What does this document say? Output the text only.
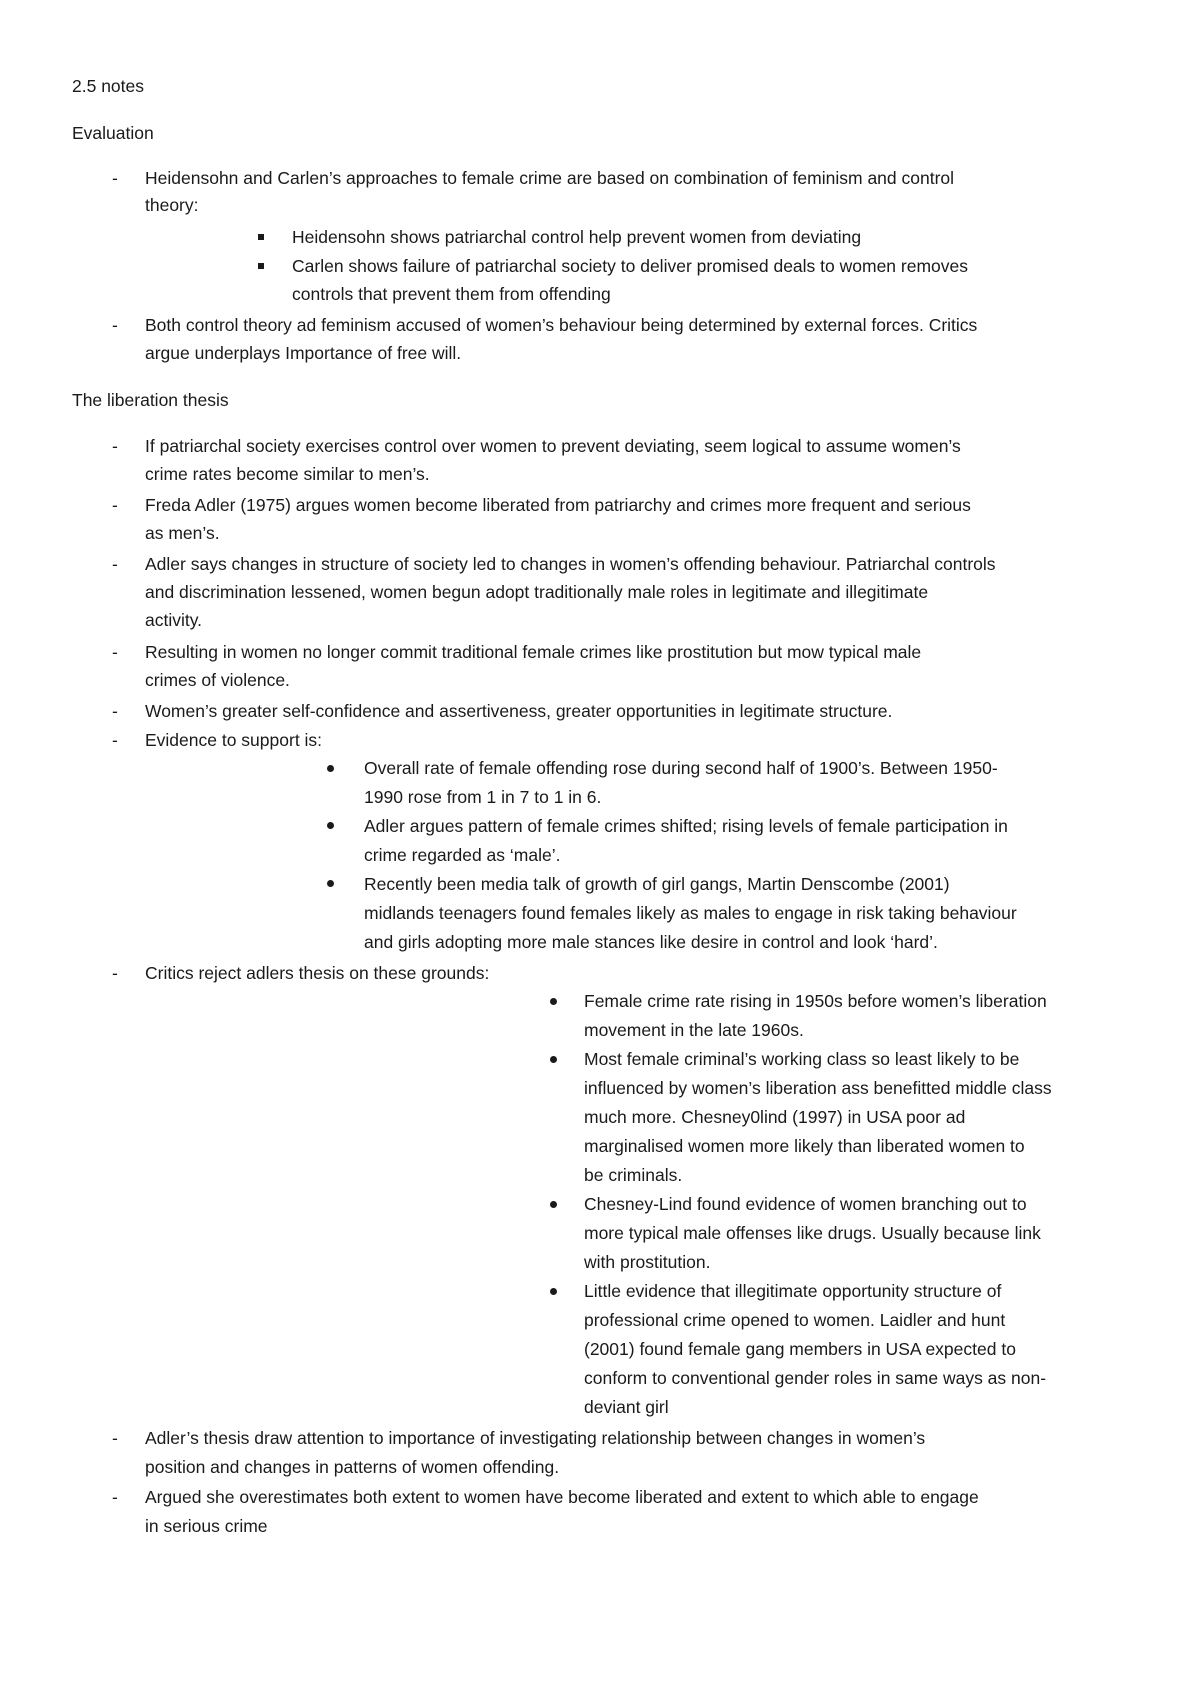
2.5 notes
Evaluation
- Heidensohn and Carlen’s approaches to female crime are based on combination of feminism and control
theory:
Heidensohn shows patriarchal control help prevent women from deviating
Carlen shows failure of patriarchal society to deliver promised deals to women removes
controls that prevent them from offending
- Both control theory ad feminism accused of women’s behaviour being determined by external forces. Critics
argue underplays Importance of free will.
The liberation thesis
- If patriarchal society exercises control over women to prevent deviating, seem logical to assume women’s
crime rates become similar to men’s.
- Freda Adler (1975) argues women become liberated from patriarchy and crimes more frequent and serious
as men’s.
- Adler says changes in structure of society led to changes in women’s offending behaviour. Patriarchal controls
and discrimination lessened, women begun adopt traditionally male roles in legitimate and illegitimate
activity.
- Resulting in women no longer commit traditional female crimes like prostitution but mow typical male
crimes of violence.
- Women’s greater self-confidence and assertiveness, greater opportunities in legitimate structure.
- Evidence to support is:
Overall rate of female offending rose during second half of 1900’s. Between 1950-
1990 rose from 1 in 7 to 1 in 6.
Adler argues pattern of female crimes shifted; rising levels of female participation in
crime regarded as ‘male’.
Recently been media talk of growth of girl gangs, Martin Denscombe (2001)
midlands teenagers found females likely as males to engage in risk taking behaviour
and girls adopting more male stances like desire in control and look ‘hard’.
- Critics reject adlers thesis on these grounds:
Female crime rate rising in 1950s before women’s liberation
movement in the late 1960s.
Most female criminal’s working class so least likely to be
influenced by women’s liberation ass benefitted middle class
much more. Chesney0lind (1997) in USA poor ad
marginalised women more likely than liberated women to
be criminals.
Chesney-Lind found evidence of women branching out to
more typical male offenses like drugs. Usually because link
with prostitution.
Little evidence that illegitimate opportunity structure of
professional crime opened to women. Laidler and hunt
(2001) found female gang members in USA expected to
conform to conventional gender roles in same ways as non-
deviant girl
- Adler’s thesis draw attention to importance of investigating relationship between changes in women’s
position and changes in patterns of women offending.
- Argued she overestimates both extent to women have become liberated and extent to which able to engage
in serious crime
